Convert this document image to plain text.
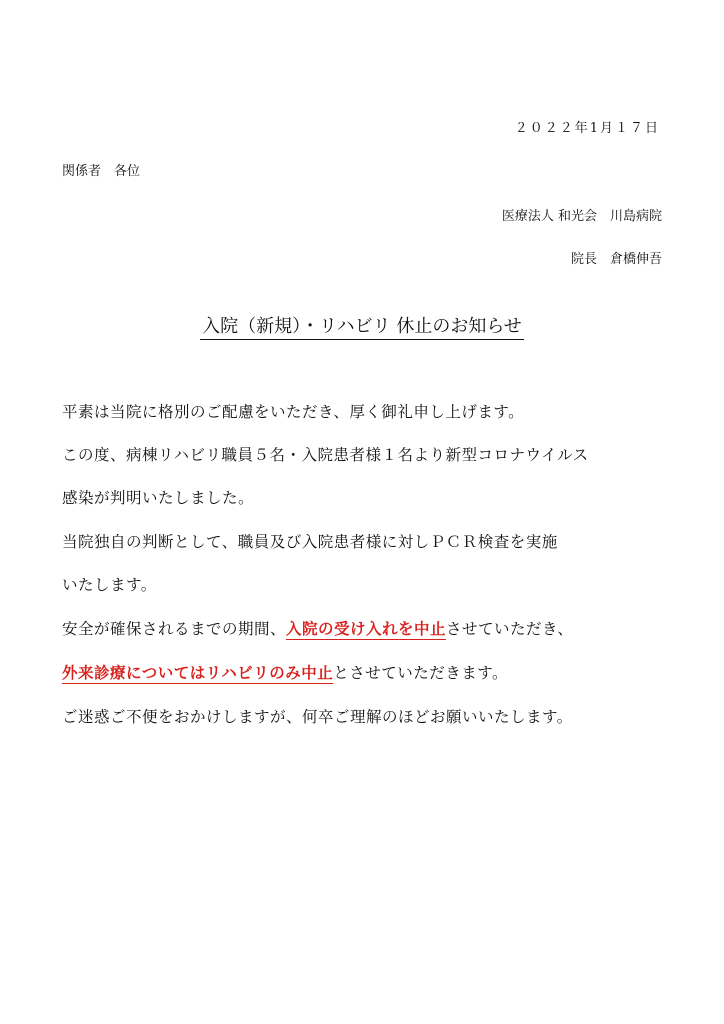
２０２２年1月１７日
関係者　各位
医療法人 和光会　川島病院
院長　倉橋伸吾
入院（新規）・リハビリ 休止のお知らせ
平素は当院に格別のご配慮をいただき、厚く御礼申し上げます。
この度、病棟リハビリ職員５名・入院患者様１名より新型コロナウイルス
感染が判明いたしました。
当院独自の判断として、職員及び入院患者様に対しＰＣＲ検査を実施
いたします。
安全が確保されるまでの期間、入院の受け入れを中止させていただき、
外来診療についてはリハビリのみ中止とさせていただきます。
ご迷惑ご不便をおかけしますが、何卒ご理解のほどお願いいたします。
